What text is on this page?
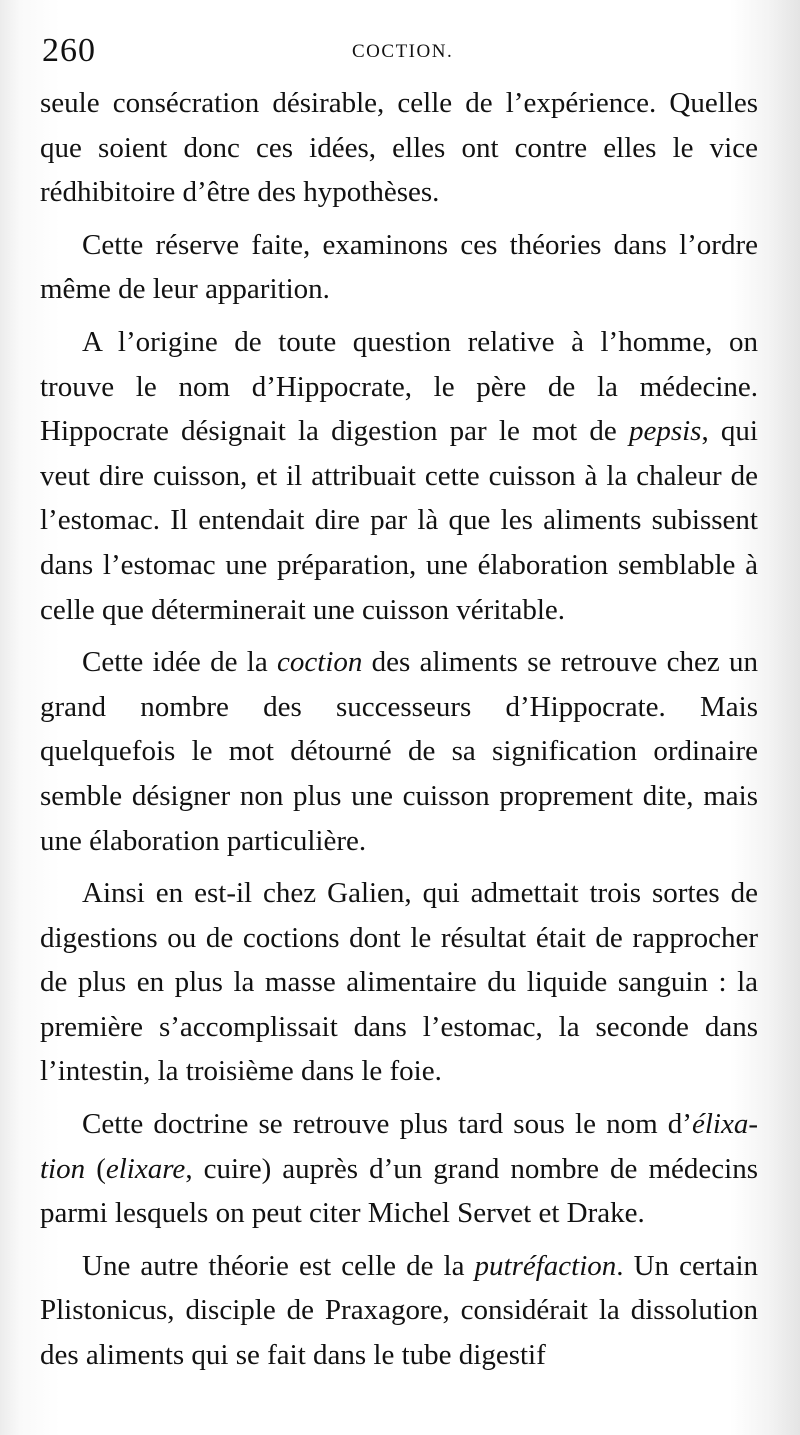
260	COCTION.

seule consécration désirable, celle de l’expérience. Quelles que soient donc ces idées, elles ont contre elles le vice rédhibitoire d’être des hypothèses.

Cette réserve faite, examinons ces théories dans l’ordre même de leur apparition.

A l’origine de toute question relative à l’homme, on trouve le nom d’Hippocrate, le père de la médecine. Hippocrate désignait la digestion par le mot de pepsis, qui veut dire cuisson, et il attribuait cette cuisson à la chaleur de l’estomac. Il entendait dire par là que les aliments subissent dans l’estomac une préparation, une élaboration semblable à celle que déterminerait une cuisson véritable.

Cette idée de la coction des aliments se retrouve chez un grand nombre des successeurs d’Hippocrate. Mais quelquefois le mot détourné de sa signification ordinaire semble désigner non plus une cuisson proprement dite, mais une élaboration particulière.

Ainsi en est-il chez Galien, qui admettait trois sortes de digestions ou de coctions dont le résultat était de rapprocher de plus en plus la masse alimentaire du liquide sanguin : la première s’accomplissait dans l’estomac, la seconde dans l’intestin, la troisième dans le foie.

Cette doctrine se retrouve plus tard sous le nom d’élixation (elixare, cuire) auprès d’un grand nombre de médecins parmi lesquels on peut citer Michel Servet et Drake.

Une autre théorie est celle de la putréfaction. Un certain Plistonicus, disciple de Praxagore, considérait la dissolution des aliments qui se fait dans le tube digestif
